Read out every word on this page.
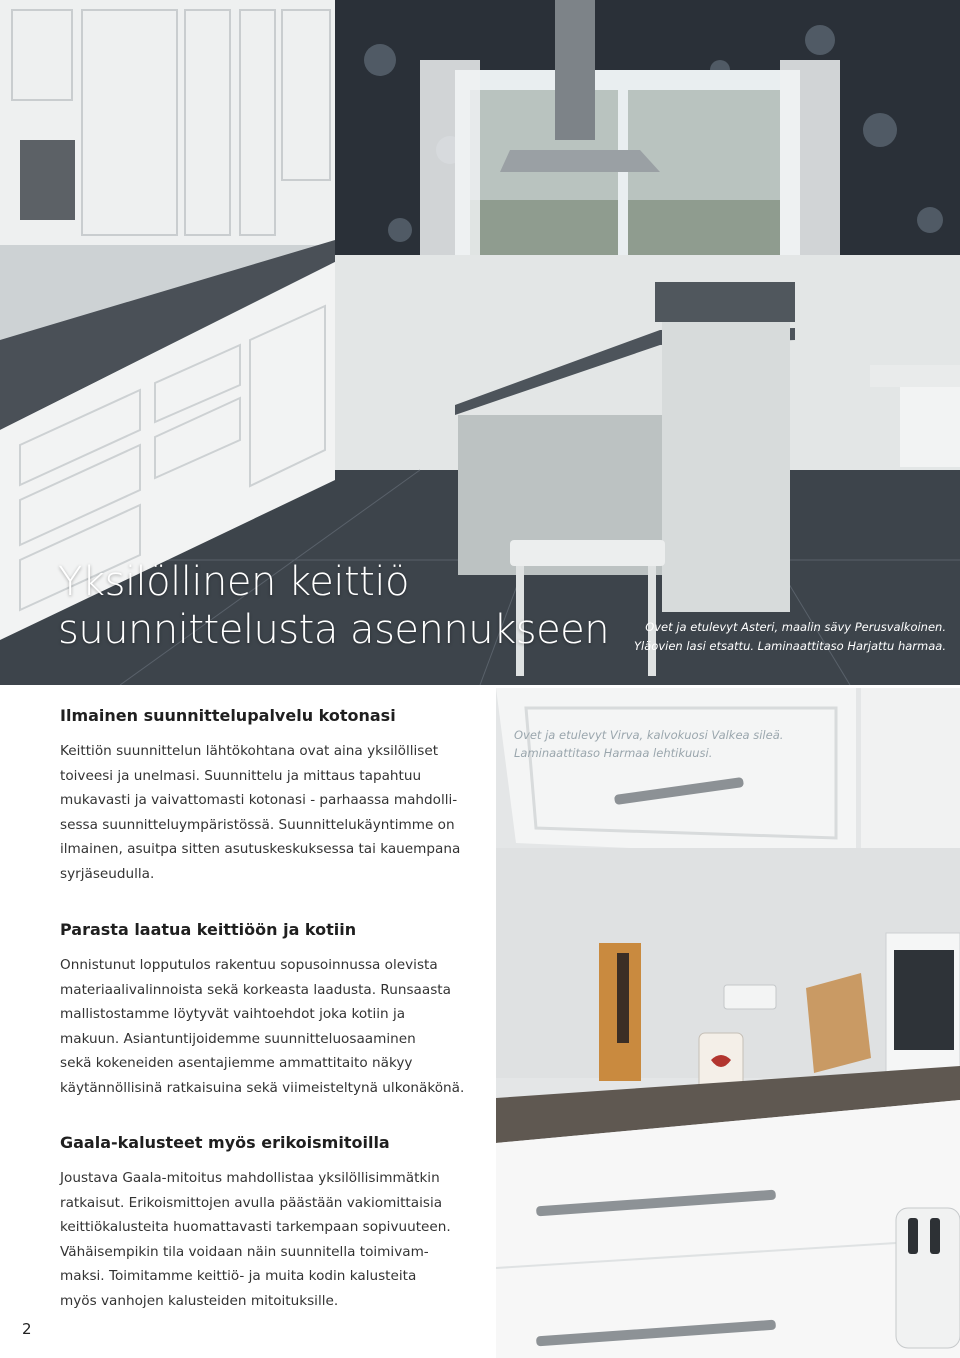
Yksilöllinen keittiö
suunnittelusta asennukseen	Ovet ja etulevyt Asteri, maalin sävy Perusvalkoinen.
Yläovien lasi etsattu. Laminaattitaso Harjattu harmaa.
Ovet ja etulevyt Virva, kalvokuosi Valkea sileä.
Laminaattitaso Harmaa lehtikuusi.
Ilmainen suunnittelupalvelu kotonasi

Keittiön suunnittelun lähtökohtana ovat aina yksilölliset
toiveesi ja unelmasi. Suunnittelu ja mittaus tapahtuu
mukavasti ja vaivattomasti kotonasi - parhaassa mahdolli-
sessa suunnitteluympäristössä. Suunnittelukäyntimme on
ilmainen, asuitpa sitten asutuskeskuksessa tai kauempana
syrjäseudulla.

Parasta laatua keittiöön ja kotiin

Onnistunut lopputulos rakentuu sopusoinnussa olevista
materiaalivalinnoista sekä korkeasta laadusta. Runsaasta
mallistostamme löytyvät vaihtoehdot joka kotiin ja
makuun. Asiantuntijoidemme suunnitteluosaaminen
sekä kokeneiden asentajiemme ammattitaito näkyy
käytännöllisinä ratkaisuina sekä viimeisteltynä ulkonäkönä.

Gaala-kalusteet myös erikoismitoilla

Joustava Gaala-mitoitus mahdollistaa yksilöllisimmätkin
ratkaisut. Erikoismittojen avulla päästään vakiomittaisia
keittiökalusteita huomattavasti tarkempaan sopivuuteen.
Vähäisempikin tila voidaan näin suunnitella toimivam-
maksi. Toimitamme keittiö- ja muita kodin kalusteita
myös vanhojen kalusteiden mitoituksille.

2
